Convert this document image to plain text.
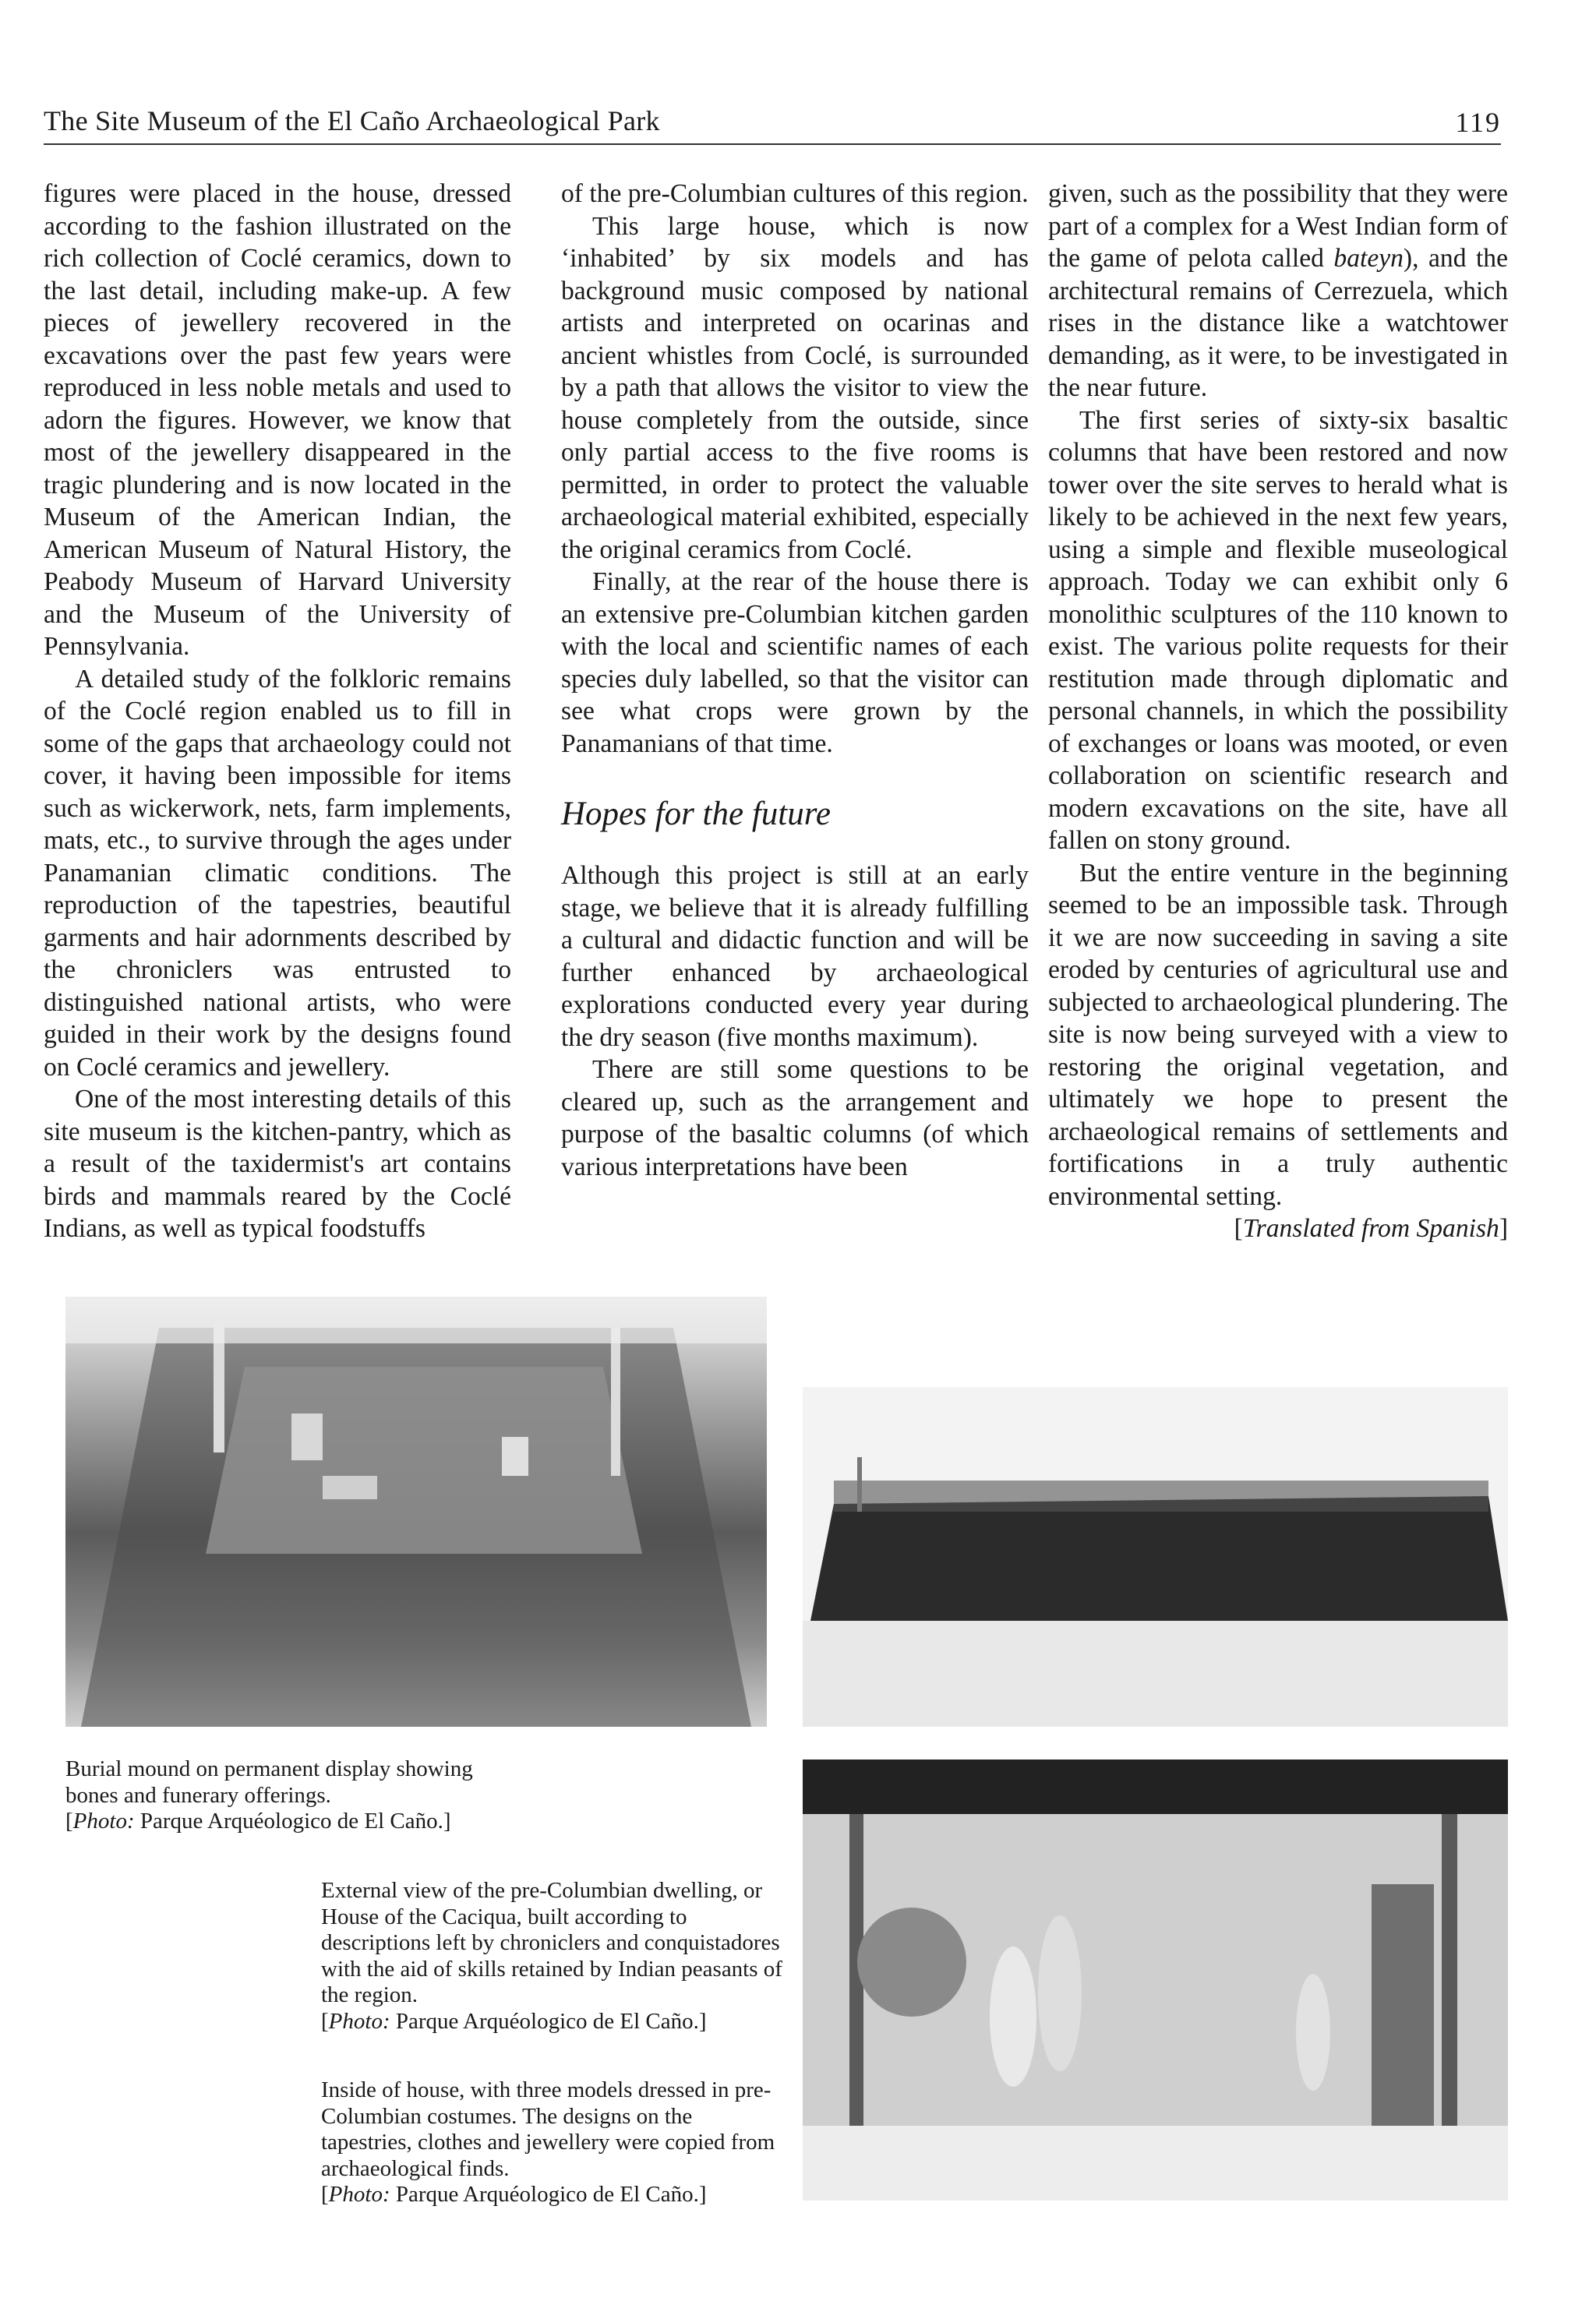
The Site Museum of the El Caño Archaeological Park	119

figures were placed in the house, dressed according to the fashion illustrated on the rich collection of Coclé ceramics, down to the last detail, including make-up. A few pieces of jewellery recovered in the excavations over the past few years were reproduced in less noble metals and used to adorn the figures. However, we know that most of the jewellery disappeared in the tragic plundering and is now located in the Museum of the American Indian, the American Museum of Natural History, the Peabody Museum of Harvard University and the Museum of the University of Pennsylvania.

A detailed study of the folkloric remains of the Coclé region enabled us to fill in some of the gaps that archaeology could not cover, it having been impossible for items such as wickerwork, nets, farm implements, mats, etc., to survive through the ages under Panamanian climatic conditions. The reproduction of the tapestries, beautiful garments and hair adornments described by the chroniclers was entrusted to distinguished national artists, who were guided in their work by the designs found on Coclé ceramics and jewellery.

One of the most interesting details of this site museum is the kitchen-pantry, which as a result of the taxidermist's art contains birds and mammals reared by the Coclé Indians, as well as typical foodstuffs

of the pre-Columbian cultures of this region.

This large house, which is now ‘inhabited’ by six models and has background music composed by national artists and interpreted on ocarinas and ancient whistles from Coclé, is surrounded by a path that allows the visitor to view the house completely from the outside, since only partial access to the five rooms is permitted, in order to protect the valuable archaeological material exhibited, especially the original ceramics from Coclé.

Finally, at the rear of the house there is an extensive pre-Columbian kitchen garden with the local and scientific names of each species duly labelled, so that the visitor can see what crops were grown by the Panamanians of that time.

Hopes for the future

Although this project is still at an early stage, we believe that it is already fulfilling a cultural and didactic function and will be further enhanced by archaeological explorations conducted every year during the dry season (five months maximum).

There are still some questions to be cleared up, such as the arrangement and purpose of the basaltic columns (of which various interpretations have been

given, such as the possibility that they were part of a complex for a West Indian form of the game of pelota called bateyn), and the architectural remains of Cerrezuela, which rises in the distance like a watchtower demanding, as it were, to be investigated in the near future.

The first series of sixty-six basaltic columns that have been restored and now tower over the site serves to herald what is likely to be achieved in the next few years, using a simple and flexible museological approach. Today we can exhibit only 6 monolithic sculptures of the 110 known to exist. The various polite requests for their restitution made through diplomatic and personal channels, in which the possibility of exchanges or loans was mooted, or even collaboration on scientific research and modern excavations on the site, have all fallen on stony ground.

But the entire venture in the beginning seemed to be an impossible task. Through it we are now succeeding in saving a site eroded by centuries of agricultural use and subjected to archaeological plundering. The site is now being surveyed with a view to restoring the original vegetation, and ultimately we hope to present the archaeological remains of settlements and fortifications in a truly authentic environmental setting.

[Translated from Spanish]

Burial mound on permanent display showing bones and funerary offerings.

[Photo: Parque Arquéologico de El Caño.]

External view of the pre-Columbian dwelling, or House of the Caciqua, built according to descriptions left by chroniclers and conquistadores with the aid of skills retained by Indian peasants of the region.

[Photo: Parque Arquéologico de El Caño.]

Inside of house, with three models dressed in pre-Columbian costumes. The designs on the tapestries, clothes and jewellery were copied from archaeological finds.

[Photo: Parque Arquéologico de El Caño.]
